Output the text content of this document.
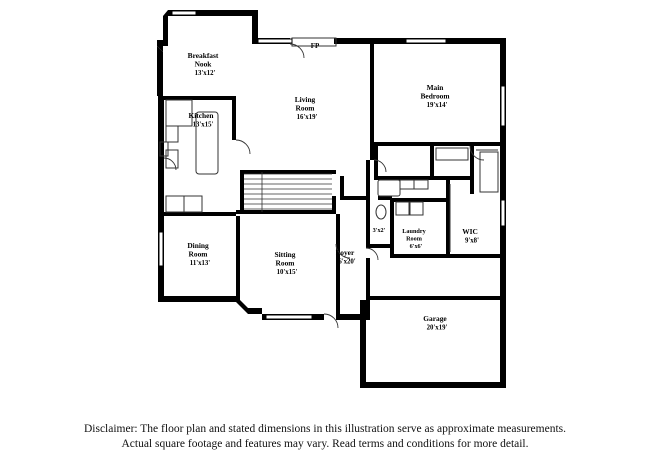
Breakfast Nook 13'x12'
Kitchen 13'x15'
Living Room 16'x19'
Main Bedroom 19'x14'
Dining Room 11'x13'
Sitting Room 10'x15'
Foyer 6'x20'
Laundry Room 6'x6'
WIC 9'x8'
3'x2'
Garage 20'x19'
FP
Disclaimer: The floor plan and stated dimensions in this illustration serve as approximate measurements.
Actual square footage and features may vary. Read terms and conditions for more detail.
